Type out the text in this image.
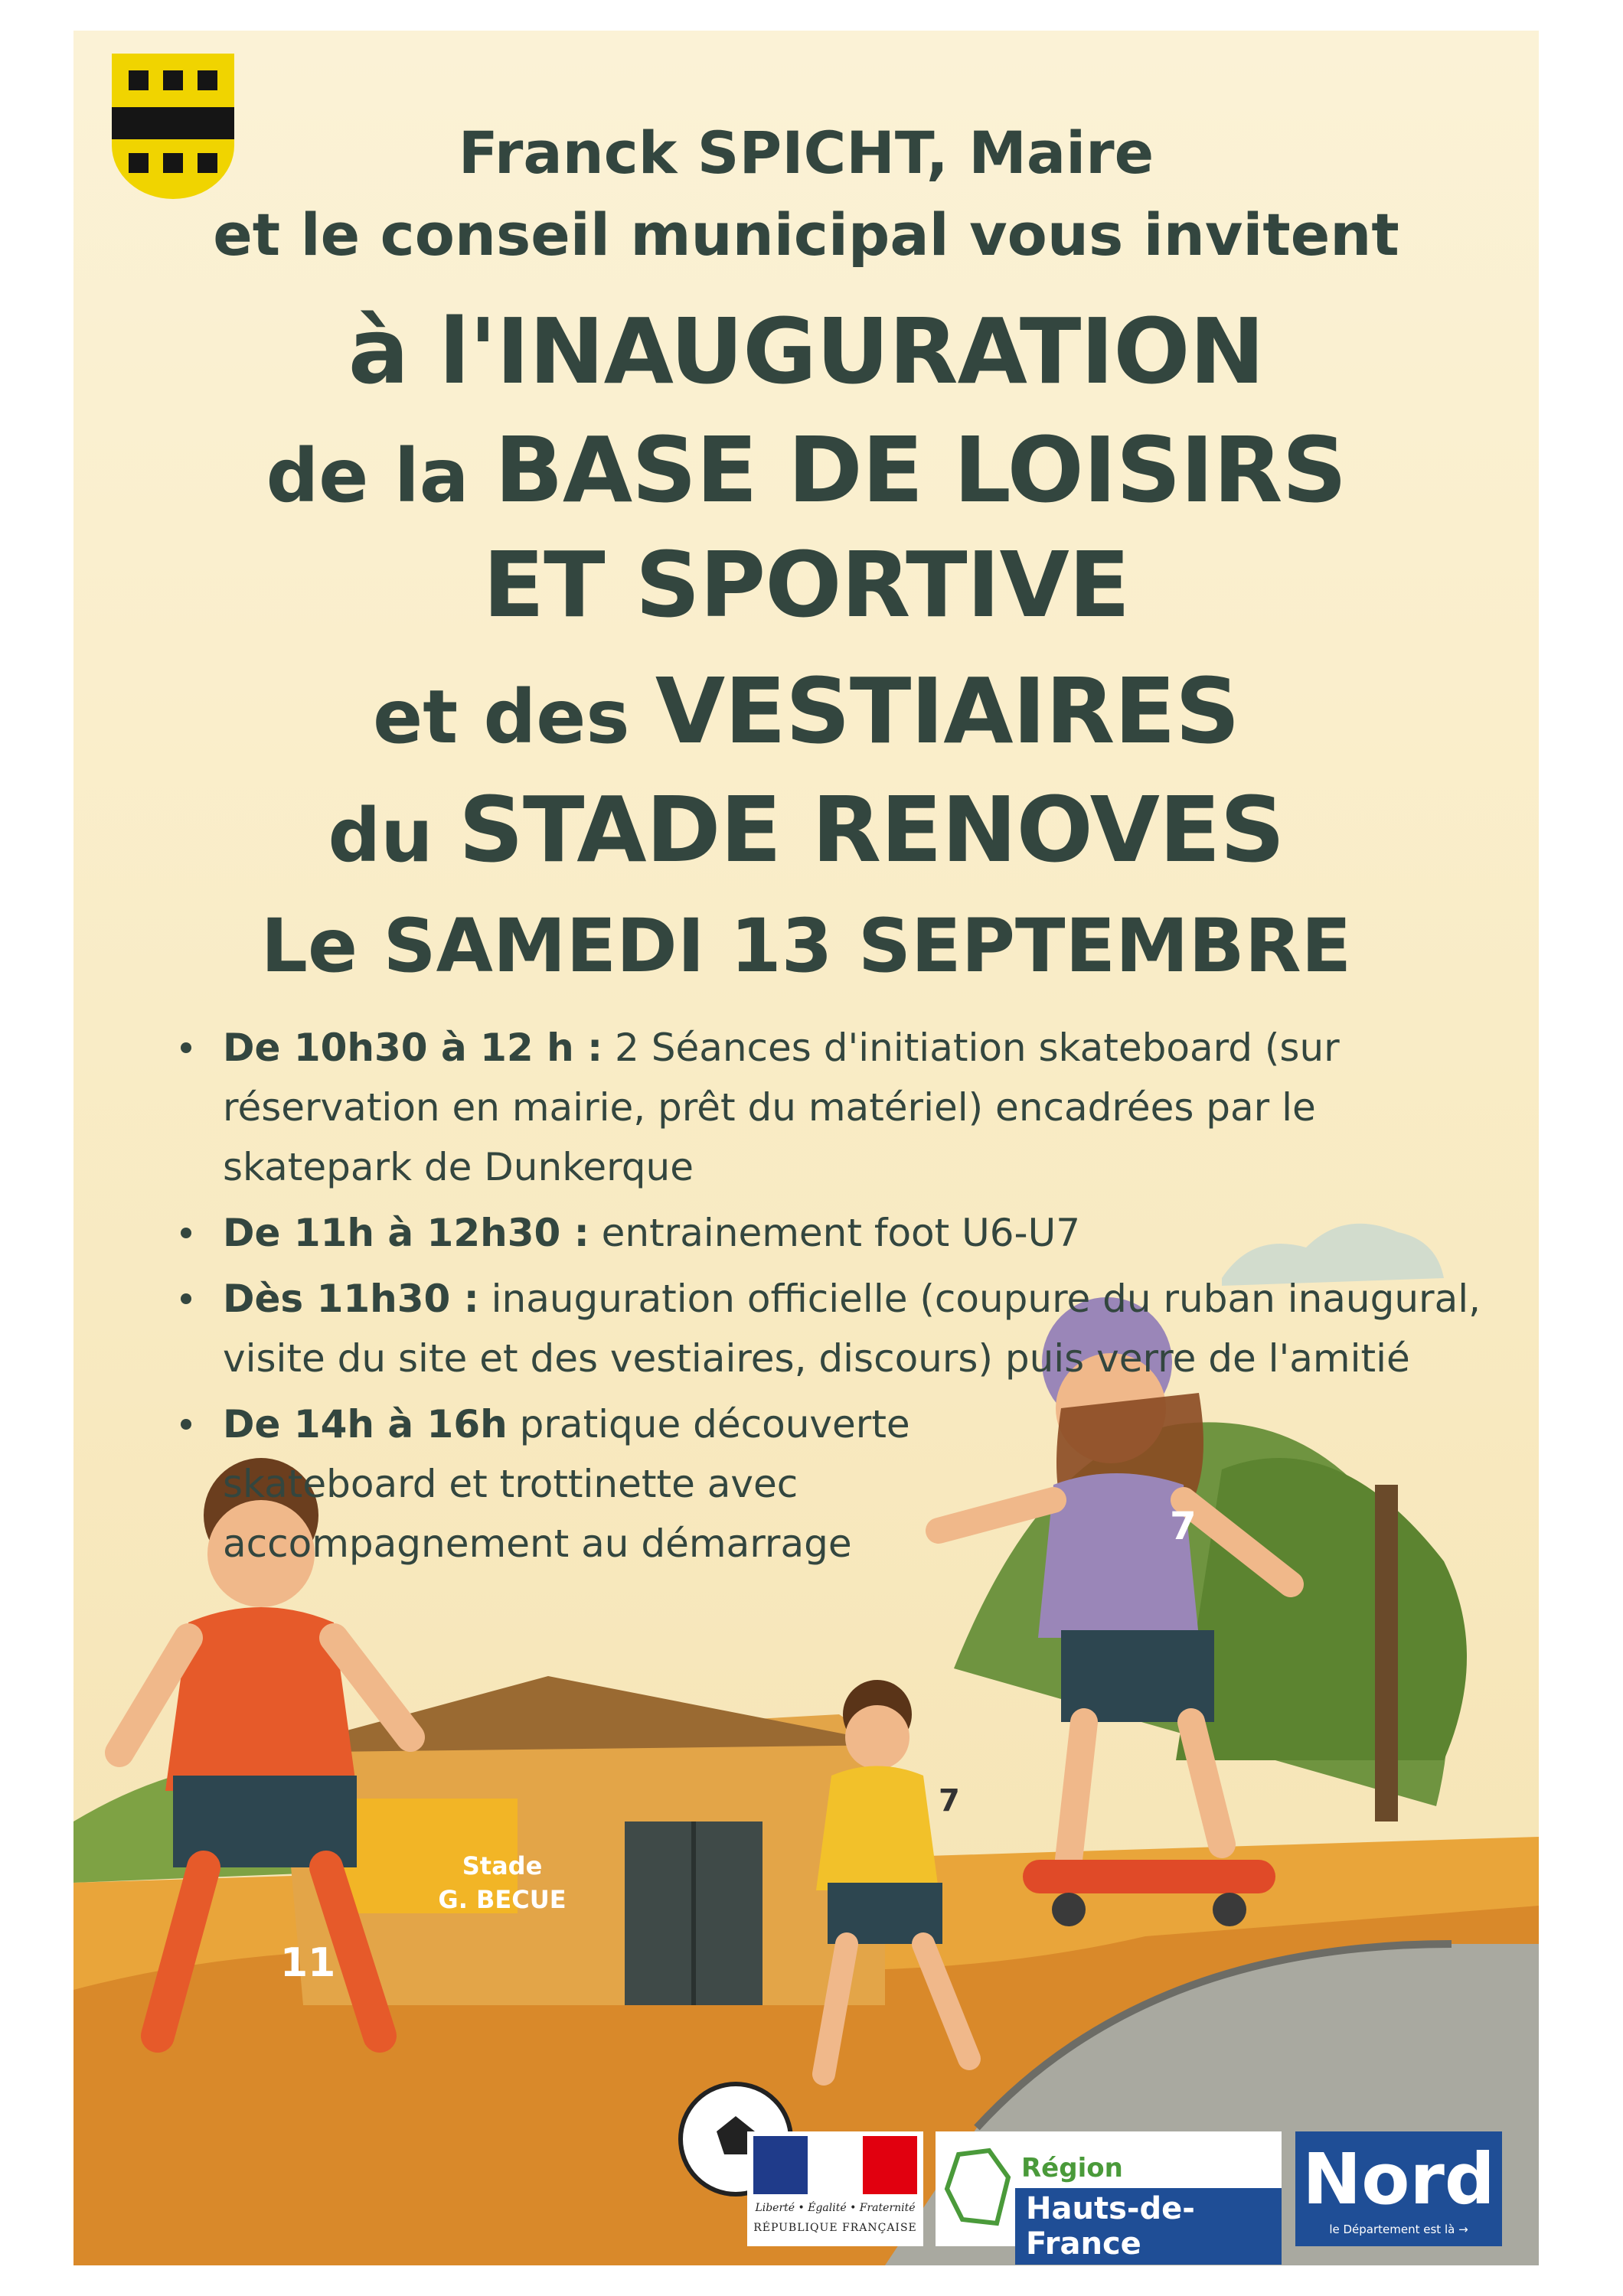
Franck SPICHT, Maire
et le conseil municipal vous invitent
à l'INAUGURATION
de la BASE DE LOISIRS
ET SPORTIVE
et des VESTIAIRES
du STADE RENOVES
Le SAMEDI 13 SEPTEMBRE
Stade
G. BECUE
11
7
7
De 10h30 à 12 h : 2 Séances d'initiation skateboard (sur réservation en mairie, prêt du matériel) encadrées par le skatepark de Dunkerque
De 11h à 12h30 : entrainement foot U6-U7
Dès 11h30 : inauguration officielle (coupure du ruban inaugural, visite du site et des vestiaires, discours) puis verre de l'amitié
De 14h à 16h pratique découverte skateboard et trottinette avec accompagnement au démarrage
Liberté • Égalité • Fraternité
RÉPUBLIQUE FRANÇAISE
Région
Hauts-de-France
Nord
le Département est là →
